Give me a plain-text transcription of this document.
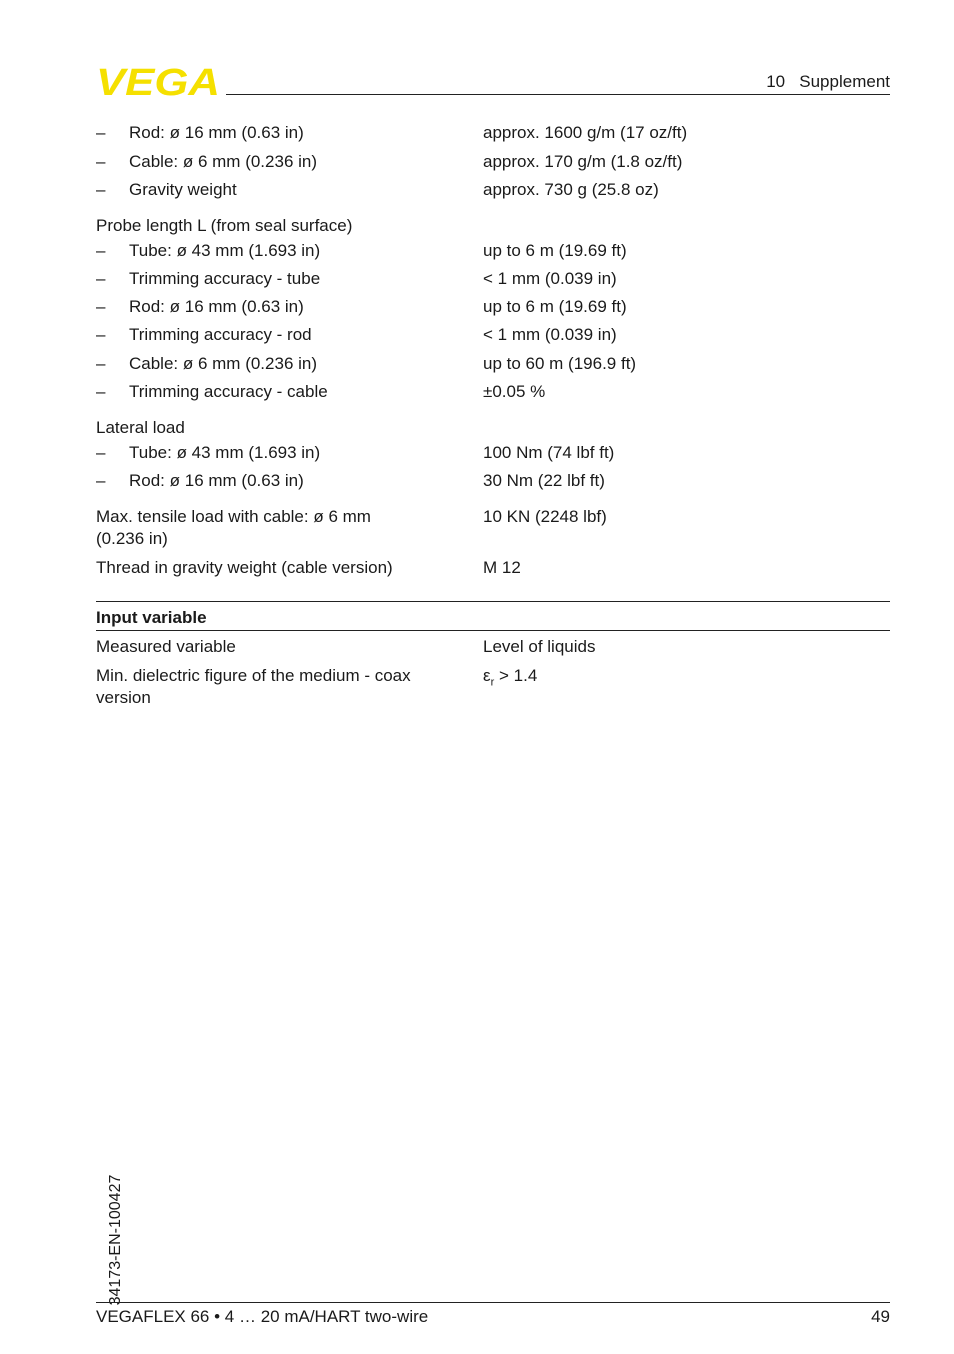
VEGA	10   Supplement
– Rod: ø 16 mm (0.63 in)	approx. 1600 g/m (17 oz/ft)
– Cable: ø 6 mm (0.236 in)	approx. 170 g/m (1.8 oz/ft)
– Gravity weight	approx. 730 g (25.8 oz)
Probe length L (from seal surface)
– Tube: ø 43 mm (1.693 in)	up to 6 m (19.69 ft)
– Trimming accuracy - tube	< 1 mm (0.039 in)
– Rod: ø 16 mm (0.63 in)	up to 6 m (19.69 ft)
– Trimming accuracy - rod	< 1 mm (0.039 in)
– Cable: ø 6 mm (0.236 in)	up to 60 m (196.9 ft)
– Trimming accuracy - cable	±0.05 %
Lateral load
– Tube: ø 43 mm (1.693 in)	100 Nm (74 lbf ft)
– Rod: ø 16 mm (0.63 in)	30 Nm (22 lbf ft)
Max. tensile load with cable: ø 6 mm	10 KN (2248 lbf)
(0.236 in)
Thread in gravity weight (cable version)	M 12
Input variable
Measured variable	Level of liquids
Min. dielectric figure of the medium - coax	$\varepsilon_r > 1.4$
version
34173-EN-100427
VEGAFLEX 66 • 4 … 20 mA/HART two-wire	49
